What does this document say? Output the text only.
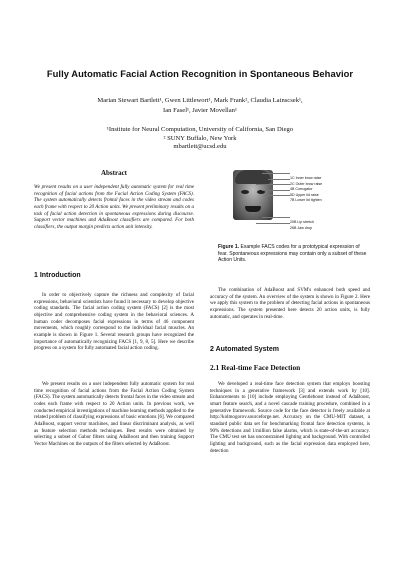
Fully Automatic Facial Action Recognition in Spontaneous Behavior
Marian Stewart Bartlett¹, Gwen Littlewort¹, Mark Frank², Claudia Lainscsek¹,
Ian Fasel¹, Javier Movellan¹
¹Institute for Neural Computation, University of California, San Diego
² SUNY Buffalo, New York
mbartlett@ucsd.edu
Abstract
We present results on a user independent fully automatic system for real time recognition of facial actions from the Facial Action Coding System (FACS). The system automatically detects frontal faces in the video stream and codes each frame with respect to 20 Action units. We present preliminary results on a task of facial action detection in spontaneous expressions during discourse. Support vector machines and AdaBoost classifiers are compared. For both classifiers, the output margin predicts action unit intensity.
1C Inner brow raise
2C Outer brow raise
4B Corrugator
5D Upper lid raise
7B Lower lid tighten
20B Lip stretch
26B Jaw drop
Figure 1. Example FACS codes for a prototypical expression of fear. Spontaneous expressions may contain only a subset of these Action Units.
1 Introduction
In order to objectively capture the richness and complexity of facial expressions, behavioral scientists have found it necessary to develop objective coding standards. The facial action coding system (FACS) [2] is the most objective and comprehensive coding system in the behavioral sciences. A human coder decomposes facial expressions in terms of 46 component movements, which roughly correspond to the individual facial muscles. An example is shown in Figure 1. Several research groups have recognized the importance of automatically recognizing FACS [1, 9, 8, 5]. Here we describe progress on a system for fully automated facial action coding.
We present results on a user independent fully automatic system for real time recognition of facial actions from the Facial Action Coding System (FACS). The system automatically detects frontal faces in the video stream and codes each frame with respect to 20 Action units. In previous work, we conducted empirical investigations of machine learning methods applied to the related problem of classifying expressions of basic emotions [6]. We compared AdaBoost, support vector machines, and linear discriminant analysis, as well as feature selection methods techniques. Best results were obtained by selecting a subset of Gabor filters using AdaBoost and then training Support Vector Machines on the outputs of the filters selected by AdaBoost.
The combination of AdaBoost and SVM's enhanced both speed and accuracy of the system. An overview of the system is shown in Figure 2. Here we apply this system to the problem of detecting facial actions in spontaneous expressions. The system presented here detects 20 action units, is fully automatic, and operates in real-time.
2 Automated System
2.1 Real-time Face Detection
We developed a real-time face detection system that employs boosting techniques in a generative framework [3] and extends work by [10]. Enhancements to [10] include employing Gentleboost instead of AdaBoost, smart feature search, and a novel cascade training procedure, combined in a generative framework. Source code for the face detector is freely available at http://kolmogorov.sourceforge.net. Accuracy on the CMU-MIT dataset, a standard public data set for benchmarking frontal face detection systems, is 90% detections and 1/million false alarms, which is state-of-the-art accuracy. The CMU test set has unconstrained lighting and background. With controlled lighting and background, such as the facial expression data employed here, detection
